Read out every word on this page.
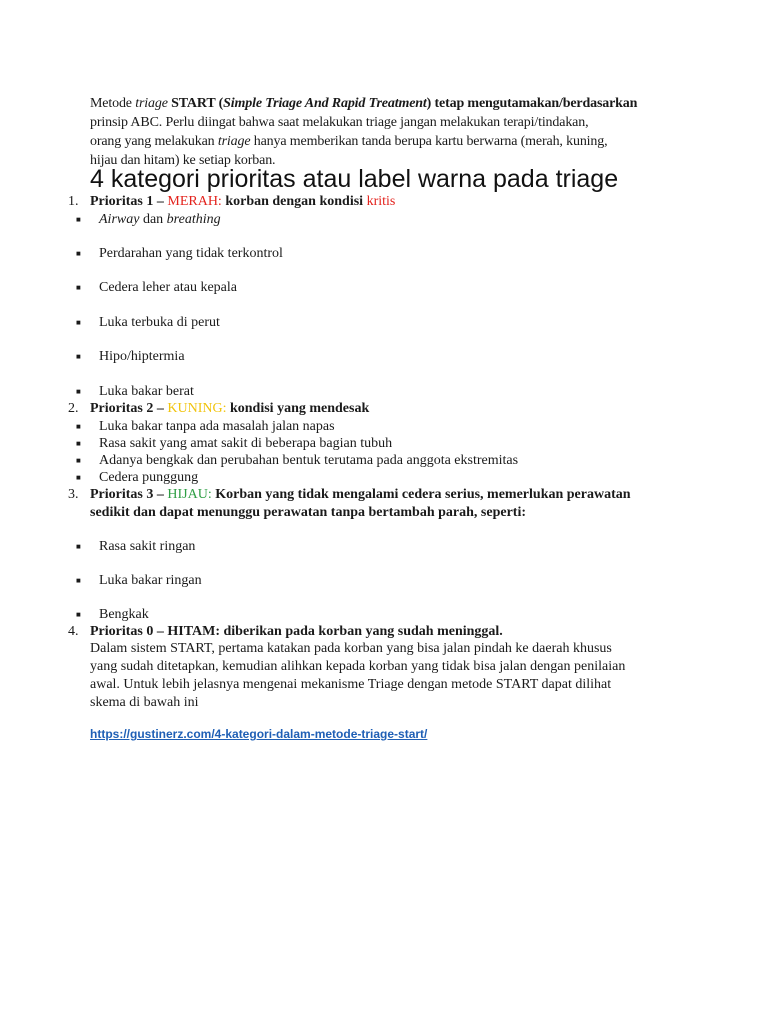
Metode triage START (Simple Triage And Rapid Treatment) tetap mengutamakan/berdasarkan
prinsip ABC. Perlu diingat bahwa saat melakukan triage jangan melakukan terapi/tindakan,
orang yang melakukan triage hanya memberikan tanda berupa kartu berwarna (merah, kuning,
hijau dan hitam) ke setiap korban.
4 kategori prioritas atau label warna pada triage
1. Prioritas 1 – MERAH: korban dengan kondisi kritis
■ Airway dan breathing
■ Perdarahan yang tidak terkontrol
■ Cedera leher atau kepala
■ Luka terbuka di perut
■ Hipo/hiptermia
■ Luka bakar berat
2. Prioritas 2 – KUNING: kondisi yang mendesak
■ Luka bakar tanpa ada masalah jalan napas
■ Rasa sakit yang amat sakit di beberapa bagian tubuh
■ Adanya bengkak dan perubahan bentuk terutama pada anggota ekstremitas
■ Cedera punggung
3. Prioritas 3 – HIJAU: Korban yang tidak mengalami cedera serius, memerlukan perawatan
sedikit dan dapat menunggu perawatan tanpa bertambah parah, seperti:
■ Rasa sakit ringan
■ Luka bakar ringan
■ Bengkak
4. Prioritas 0 – HITAM: diberikan pada korban yang sudah meninggal.
Dalam sistem START, pertama katakan pada korban yang bisa jalan pindah ke daerah khusus
yang sudah ditetapkan, kemudian alihkan kepada korban yang tidak bisa jalan dengan penilaian
awal. Untuk lebih jelasnya mengenai mekanisme Triage dengan metode START dapat dilihat
skema di bawah ini
https://gustinerz.com/4-kategori-dalam-metode-triage-start/
